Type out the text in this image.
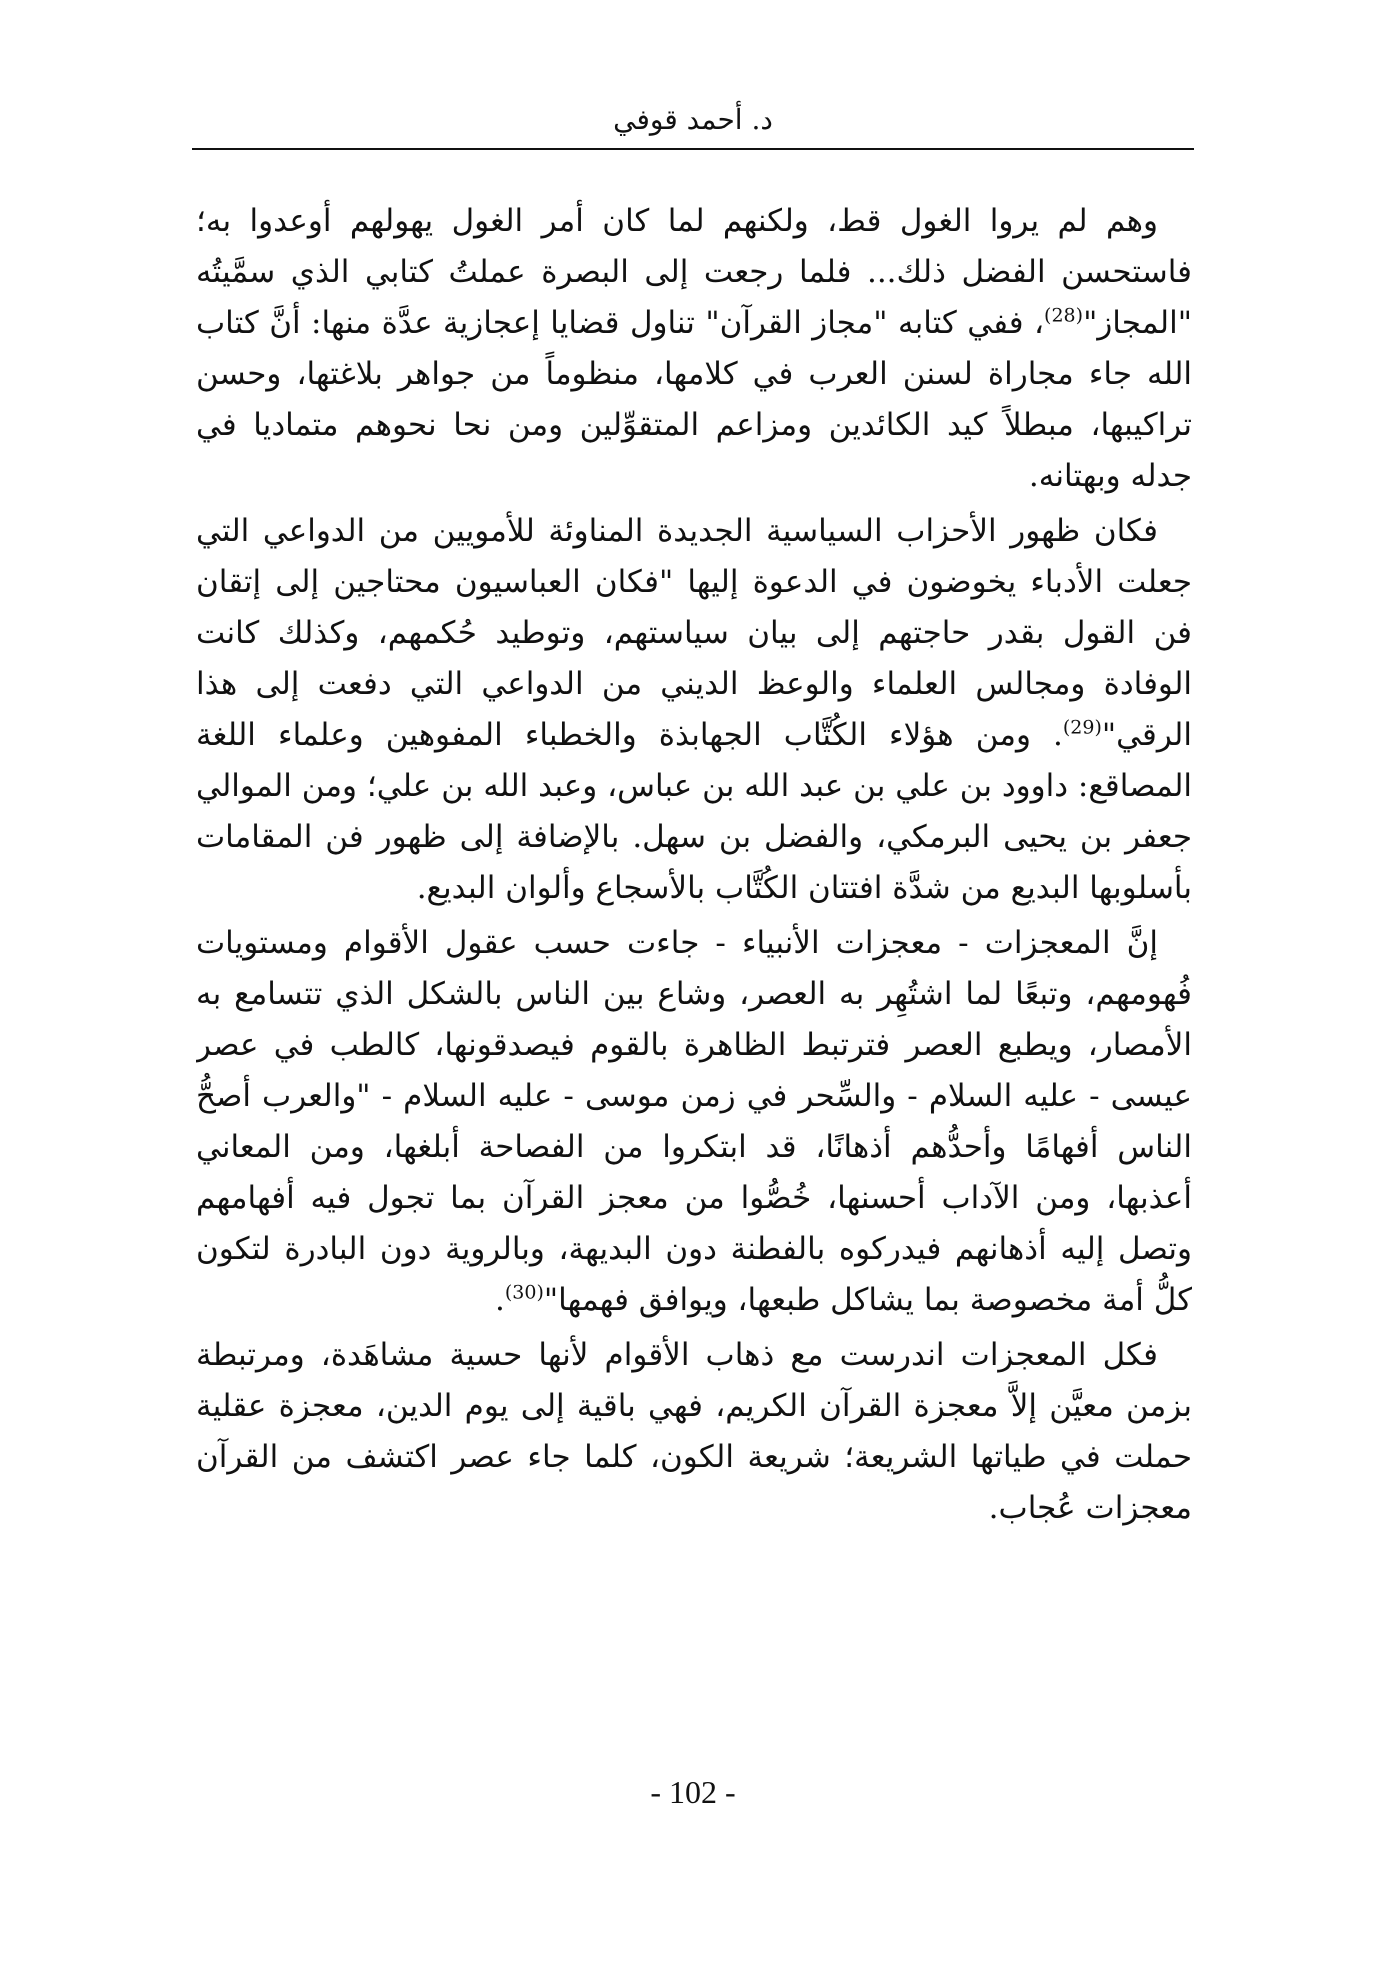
د. أحمد قوفي

وهم لم يروا الغول قط، ولكنهم لما كان أمر الغول يهولهم أوعدوا به؛ فاستحسن الفضل ذلك... فلما رجعت إلى البصرة عملتُ كتابي الذي سمَّيتُه "المجاز"$^{(28)}$، ففي كتابه "مجاز القرآن" تناول قضايا إعجازية عدَّة منها: أنَّ كتاب الله جاء مجاراة لسنن العرب في كلامها، منظوماً من جواهر بلاغتها، وحسن تراكيبها، مبطلاً كيد الكائدين ومزاعم المتقوِّلين ومن نحا نحوهم متماديا في جدله وبهتانه.

فكان ظهور الأحزاب السياسية الجديدة المناوئة للأمويين من الدواعي التي جعلت الأدباء يخوضون في الدعوة إليها "فكان العباسيون محتاجين إلى إتقان فن القول بقدر حاجتهم إلى بيان سياستهم، وتوطيد حُكمهم، وكذلك كانت الوفادة ومجالس العلماء والوعظ الديني من الدواعي التي دفعت إلى هذا الرقي"$^{(29)}$. ومن هؤلاء الكُتَّاب الجهابذة والخطباء المفوهين وعلماء اللغة المصاقع: داوود بن علي بن عبد الله بن عباس، وعبد الله بن علي؛ ومن الموالي جعفر بن يحيى البرمكي، والفضل بن سهل. بالإضافة إلى ظهور فن المقامات بأسلوبها البديع من شدَّة افتتان الكُتَّاب بالأسجاع وألوان البديع.

إنَّ المعجزات - معجزات الأنبياء - جاءت حسب عقول الأقوام ومستويات فُهومهم، وتبعًا لما اشتُهِر به العصر، وشاع بين الناس بالشكل الذي تتسامع به الأمصار، ويطبع العصر فترتبط الظاهرة بالقوم فيصدقونها، كالطب في عصر عيسى - عليه السلام - والسِّحر في زمن موسى - عليه السلام - "والعرب أصحُّ الناس أفهامًا وأحدُّهم أذهانًا، قد ابتكروا من الفصاحة أبلغها، ومن المعاني أعذبها، ومن الآداب أحسنها، خُصُّوا من معجز القرآن بما تجول فيه أفهامهم وتصل إليه أذهانهم فيدركوه بالفطنة دون البديهة، وبالروية دون البادرة لتكون كلُّ أمة مخصوصة بما يشاكل طبعها، ويوافق فهمها"$^{(30)}$.

فكل المعجزات اندرست مع ذهاب الأقوام لأنها حسية مشاهَدة، ومرتبطة بزمن معيَّن إلاَّ معجزة القرآن الكريم، فهي باقية إلى يوم الدين، معجزة عقلية حملت في طياتها الشريعة؛ شريعة الكون، كلما جاء عصر اكتشف من القرآن معجزات عُجاب.

- 102 -
